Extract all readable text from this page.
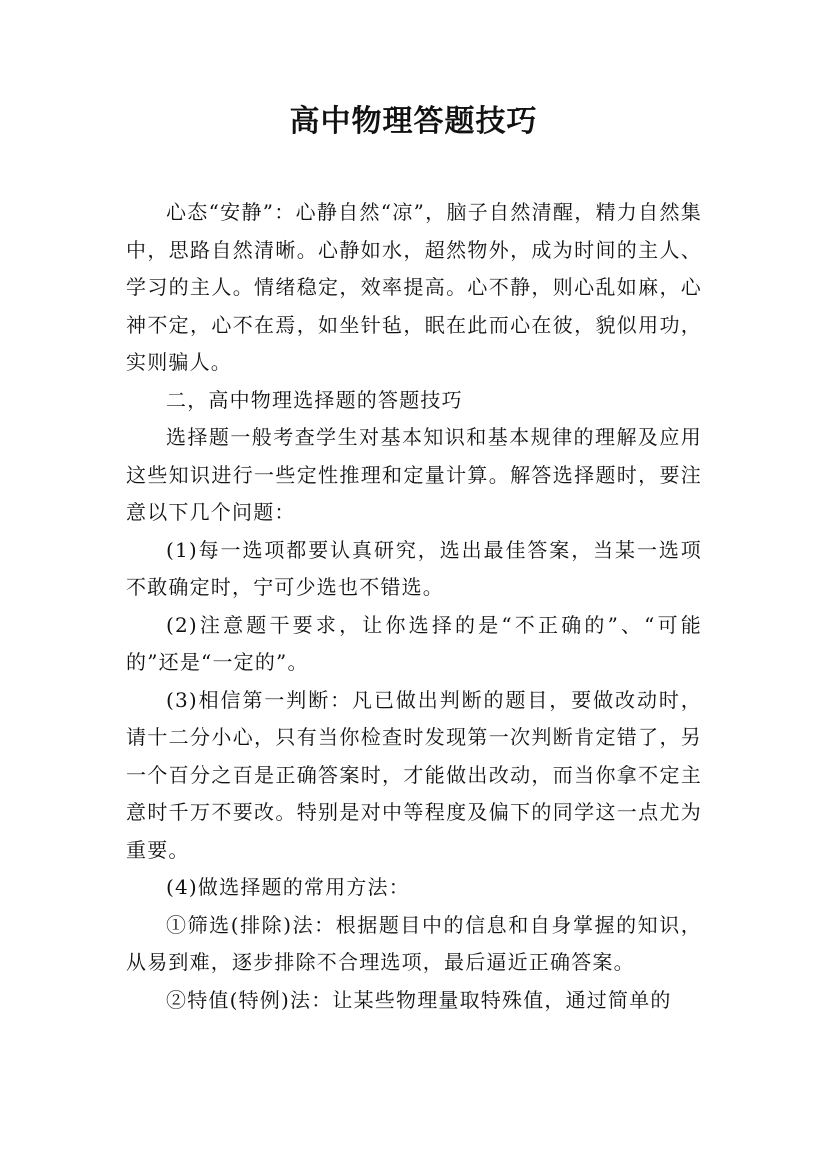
高中物理答题技巧

心态“安静”：心静自然“凉”，脑子自然清醒，精力自然集中，思路自然清晰。心静如水，超然物外，成为时间的主人、学习的主人。情绪稳定，效率提高。心不静，则心乱如麻，心神不定，心不在焉，如坐针毡，眠在此而心在彼，貌似用功，实则骗人。

二，高中物理选择题的答题技巧

选择题一般考查学生对基本知识和基本规律的理解及应用这些知识进行一些定性推理和定量计算。解答选择题时，要注意以下几个问题：

(1)每一选项都要认真研究，选出最佳答案，当某一选项不敢确定时，宁可少选也不错选。

(2)注意题干要求，让你选择的是“不正确的”、“可能的”还是“一定的”。

(3)相信第一判断：凡已做出判断的题目，要做改动时，请十二分小心，只有当你检查时发现第一次判断肯定错了，另一个百分之百是正确答案时，才能做出改动，而当你拿不定主意时千万不要改。特别是对中等程度及偏下的同学这一点尤为重要。

(4)做选择题的常用方法：

①筛选(排除)法：根据题目中的信息和自身掌握的知识，从易到难，逐步排除不合理选项，最后逼近正确答案。

②特值(特例)法：让某些物理量取特殊值，通过简单的
